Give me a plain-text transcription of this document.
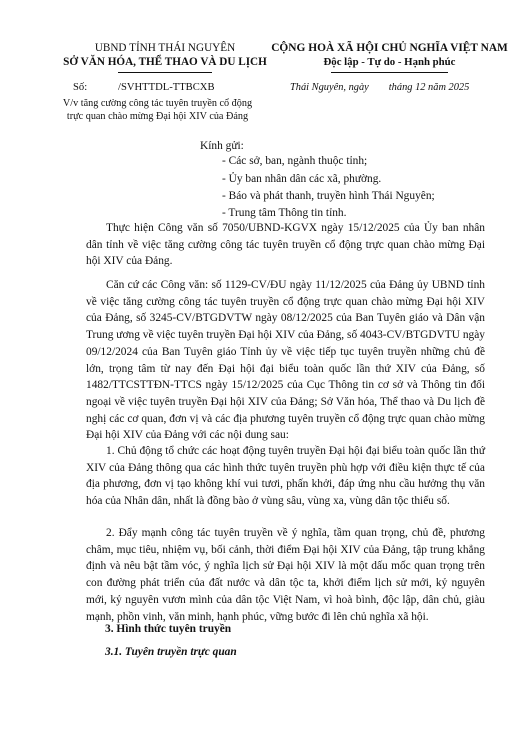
UBND TỈNH THÁI NGUYÊN
SỞ VĂN HÓA, THỂ THAO VÀ DU LỊCH
CỘNG HOÀ XÃ HỘI CHỦ NGHĨA VIỆT NAM
Độc lập - Tự do - Hạnh phúc
Số:	/SVHTTDL-TTBCXB	Thái Nguyên, ngày tháng 12 năm 2025
V/v tăng cường công tác tuyên truyền cổ động
trực quan chào mừng Đại hội XIV của Đảng
Kính gửi:
- Các sở, ban, ngành thuộc tỉnh;
- Ủy ban nhân dân các xã, phường.
- Báo và phát thanh, truyền hình Thái Nguyên;
- Trung tâm Thông tin tỉnh.

Thực hiện Công văn số 7050/UBND-KGVX ngày 15/12/2025 của Ủy ban nhân dân tỉnh về việc tăng cường công tác tuyên truyền cổ động trực quan chào mừng Đại hội XIV của Đảng.

Căn cứ các Công văn: số 1129-CV/ĐU ngày 11/12/2025 của Đảng ủy UBND tỉnh về việc tăng cường công tác tuyên truyền cổ động trực quan chào mừng Đại hội XIV của Đảng, số 3245-CV/BTGDVTW ngày 08/12/2025 của Ban Tuyên giáo và Dân vận Trung ương về việc tuyên truyền Đại hội XIV của Đảng, số 4043-CV/BTGDVTU ngày 09/12/2024 của Ban Tuyên giáo Tỉnh ủy về việc tiếp tục tuyên truyền những chủ đề lớn, trọng tâm từ nay đến Đại hội đại biểu toàn quốc lần thứ XIV của Đảng, số 1482/TTCSTTĐN-TTCS ngày 15/12/2025 của Cục Thông tin cơ sở và Thông tin đối ngoại về việc tuyên truyền Đại hội XIV của Đảng; Sở Văn hóa, Thể thao và Du lịch đề nghị các cơ quan, đơn vị và các địa phương tuyên truyền cổ động trực quan chào mừng Đại hội XIV của Đảng với các nội dung sau:

1. Chủ động tổ chức các hoạt động tuyên truyền Đại hội đại biểu toàn quốc lần thứ XIV của Đảng thông qua các hình thức tuyên truyền phù hợp với điều kiện thực tế của địa phương, đơn vị tạo không khí vui tươi, phấn khởi, đáp ứng nhu cầu hưởng thụ văn hóa của Nhân dân, nhất là đồng bào ở vùng sâu, vùng xa, vùng dân tộc thiểu số.

2. Đẩy mạnh công tác tuyên truyền về ý nghĩa, tầm quan trọng, chủ đề, phương châm, mục tiêu, nhiệm vụ, bối cảnh, thời điểm Đại hội XIV của Đảng, tập trung khẳng định và nêu bật tầm vóc, ý nghĩa lịch sử Đại hội XIV là một dấu mốc quan trọng trên con đường phát triển của đất nước và dân tộc ta, khởi điểm lịch sử mới, kỷ nguyên mới, kỷ nguyên vươn mình của dân tộc Việt Nam, vì hoà bình, độc lập, dân chủ, giàu mạnh, phồn vinh, văn minh, hạnh phúc, vững bước đi lên chủ nghĩa xã hội.

3. Hình thức tuyên truyền
3.1. Tuyên truyền trực quan
